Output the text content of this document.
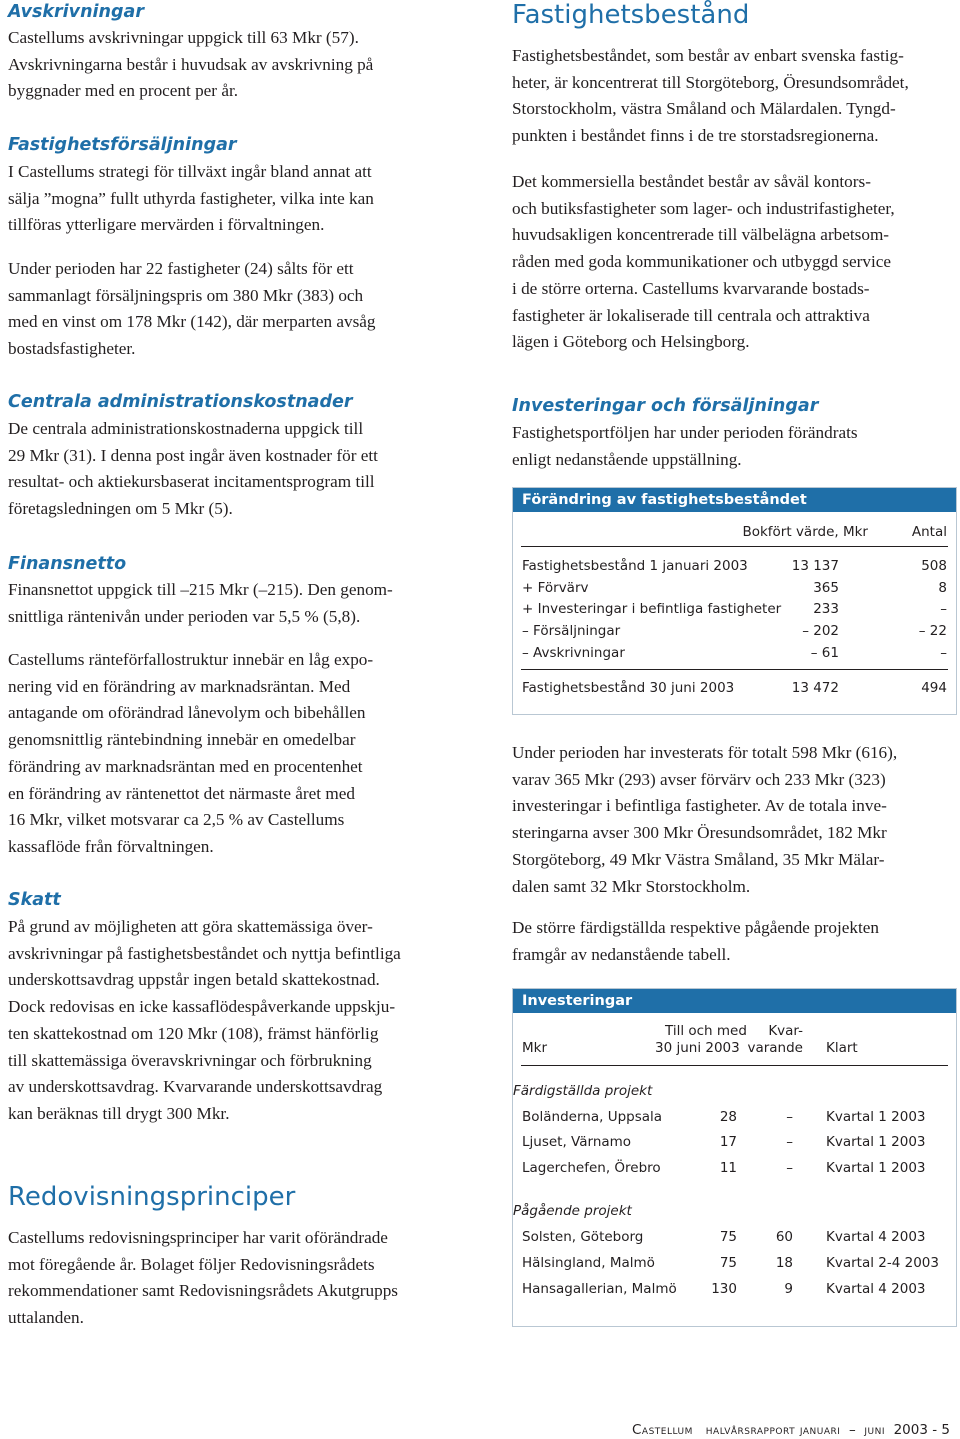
Avskrivningar
Castellums avskrivningar uppgick till 63 Mkr (57).
Avskrivningarna består i huvudsak av avskrivning på
byggnader med en procent per år.
Fastighetsförsäljningar
I Castellums strategi för tillväxt ingår bland annat att
sälja ”mogna” fullt uthyrda fastigheter, vilka inte kan
tillföras ytterligare mervärden i förvaltningen.
Under perioden har 22 fastigheter (24) sålts för ett
sammanlagt försäljningspris om 380 Mkr (383) och
med en vinst om 178 Mkr (142), där merparten avsåg
bostadsfastigheter.
Centrala administrationskostnader
De centrala administrationskostnaderna uppgick till
29 Mkr (31). I denna post ingår även kostnader för ett
resultat- och aktiekursbaserat incitamentsprogram till
företagsledningen om 5 Mkr (5).
Finansnetto
Finansnettot uppgick till –215 Mkr (–215). Den genom-
snittliga räntenivån under perioden var 5,5 % (5,8).
Castellums ränteförfallostruktur innebär en låg expo-
nering vid en förändring av marknadsräntan. Med
antagande om oförändrad lånevolym och bibehållen
genomsnittlig räntebindning innebär en omedelbar
förändring av marknadsräntan med en procentenhet
en förändring av räntenettot det närmaste året med
16 Mkr, vilket motsvarar ca 2,5 % av Castellums
kassaflöde från förvaltningen.
Skatt
På grund av möjligheten att göra skattemässiga över-
avskrivningar på fastighetsbeståndet och nyttja befintliga
underskottsavdrag uppstår ingen betald skattekostnad.
Dock redovisas en icke kassaflödespåverkande uppskju-
ten skattekostnad om 120 Mkr (108), främst hänförlig
till skattemässiga överavskrivningar och förbrukning
av underskottsavdrag. Kvarvarande underskottsavdrag
kan beräknas till drygt 300 Mkr.
Redovisningsprinciper
Castellums redovisningsprinciper har varit oförändrade
mot föregående år. Bolaget följer Redovisningsrådets
rekommendationer samt Redovisningsrådets Akutgrupps
uttalanden.
Fastighetsbestånd
Fastighetsbeståndet, som består av enbart svenska fastig-
heter, är koncentrerat till Storgöteborg, Öresundsområdet,
Storstockholm, västra Småland och Mälardalen. Tyngd-
punkten i beståndet finns i de tre storstadsregionerna.
Det kommersiella beståndet består av såväl kontors-
och butiksfastigheter som lager- och industrifastigheter,
huvudsakligen koncentrerade till välbelägna arbetsom-
råden med goda kommunikationer och utbyggd service
i de större orterna. Castellums kvarvarande bostads-
fastigheter är lokaliserade till centrala och attraktiva
lägen i Göteborg och Helsingborg.
Investeringar och försäljningar
Fastighetsportföljen har under perioden förändrats
enligt nedanstående uppställning.
Förändring av fastighetsbeståndet
Bokfört värde, Mkr	Antal
Fastighetsbestånd 1 januari 2003	13 137	508
+ Förvärv	365	8
+ Investeringar i befintliga fastigheter 233	–
– Försäljningar	– 202	– 22
– Avskrivningar	– 61	–
Fastighetsbestånd 30 juni 2003	13 472	494
Under perioden har investerats för totalt 598 Mkr (616),
varav 365 Mkr (293) avser förvärv och 233 Mkr (323)
investeringar i befintliga fastigheter. Av de totala inve-
steringarna avser 300 Mkr Öresundsområdet, 182 Mkr
Storgöteborg, 49 Mkr Västra Småland, 35 Mkr Mälar-
dalen samt 32 Mkr Storstockholm.
De större färdigställda respektive pågående projekten
framgår av nedanstående tabell.
Investeringar
Till och med	Kvar-
Mkr	30 juni 2003 varande Klart
Färdigställda projekt
Boländerna, Uppsala	28	– Kvartal 1 2003
Ljuset, Värnamo	17	– Kvartal 1 2003
Lagerchefen, Örebro	11	– Kvartal 1 2003
Pågående projekt
Solsten, Göteborg	75	60 Kvartal 4 2003
Hälsingland, Malmö	75	18 Kvartal 2-4 2003
Hansagallerian, Malmö	130	9 Kvartal 4 2003
Castellum halvårsrapport januari – juni 2003 - 5
